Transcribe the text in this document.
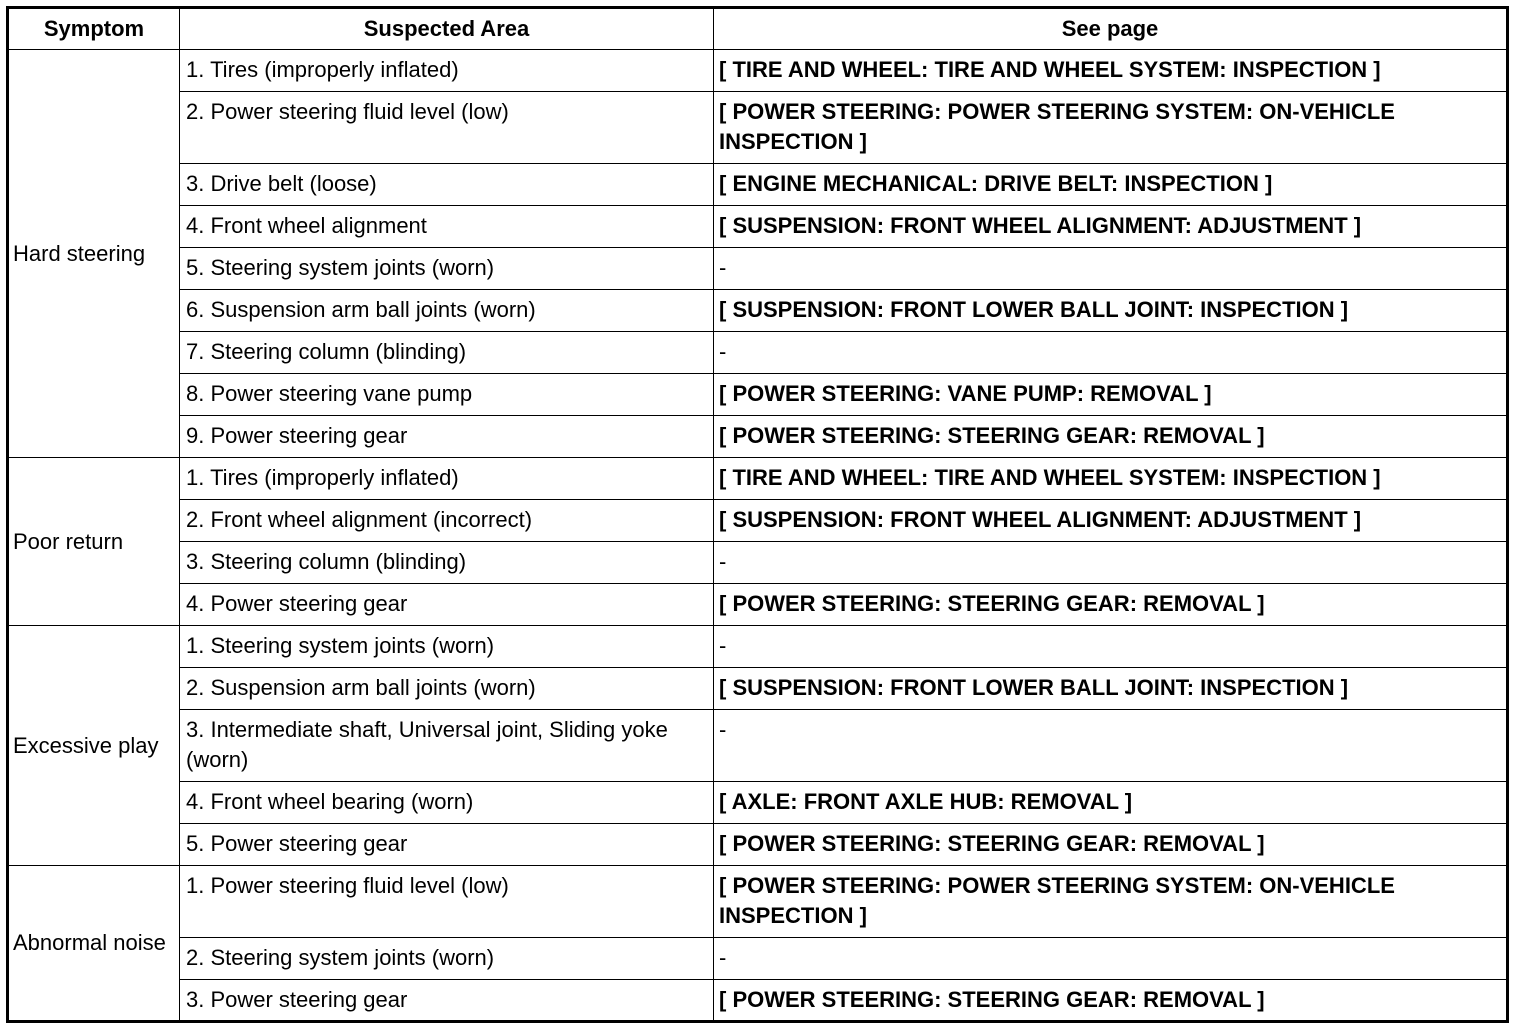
Symptom	Suspected Area	See page
Hard steering	1. Tires (improperly inflated)	[ TIRE AND WHEEL: TIRE AND WHEEL SYSTEM: INSPECTION ]
	2. Power steering fluid level (low)	[ POWER STEERING: POWER STEERING SYSTEM: ON-VEHICLE INSPECTION ]
	3. Drive belt (loose)	[ ENGINE MECHANICAL: DRIVE BELT: INSPECTION ]
	4. Front wheel alignment	[ SUSPENSION: FRONT WHEEL ALIGNMENT: ADJUSTMENT ]
	5. Steering system joints (worn)	-
	6. Suspension arm ball joints (worn)	[ SUSPENSION: FRONT LOWER BALL JOINT: INSPECTION ]
	7. Steering column (blinding)	-
	8. Power steering vane pump	[ POWER STEERING: VANE PUMP: REMOVAL ]
	9. Power steering gear	[ POWER STEERING: STEERING GEAR: REMOVAL ]
Poor return	1. Tires (improperly inflated)	[ TIRE AND WHEEL: TIRE AND WHEEL SYSTEM: INSPECTION ]
	2. Front wheel alignment (incorrect)	[ SUSPENSION: FRONT WHEEL ALIGNMENT: ADJUSTMENT ]
	3. Steering column (blinding)	-
	4. Power steering gear	[ POWER STEERING: STEERING GEAR: REMOVAL ]
Excessive play	1. Steering system joints (worn)	-
	2. Suspension arm ball joints (worn)	[ SUSPENSION: FRONT LOWER BALL JOINT: INSPECTION ]
	3. Intermediate shaft, Universal joint, Sliding yoke (worn)	-
	4. Front wheel bearing (worn)	[ AXLE: FRONT AXLE HUB: REMOVAL ]
	5. Power steering gear	[ POWER STEERING: STEERING GEAR: REMOVAL ]
Abnormal noise	1. Power steering fluid level (low)	[ POWER STEERING: POWER STEERING SYSTEM: ON-VEHICLE INSPECTION ]
	2. Steering system joints (worn)	-
	3. Power steering gear	[ POWER STEERING: STEERING GEAR: REMOVAL ]
